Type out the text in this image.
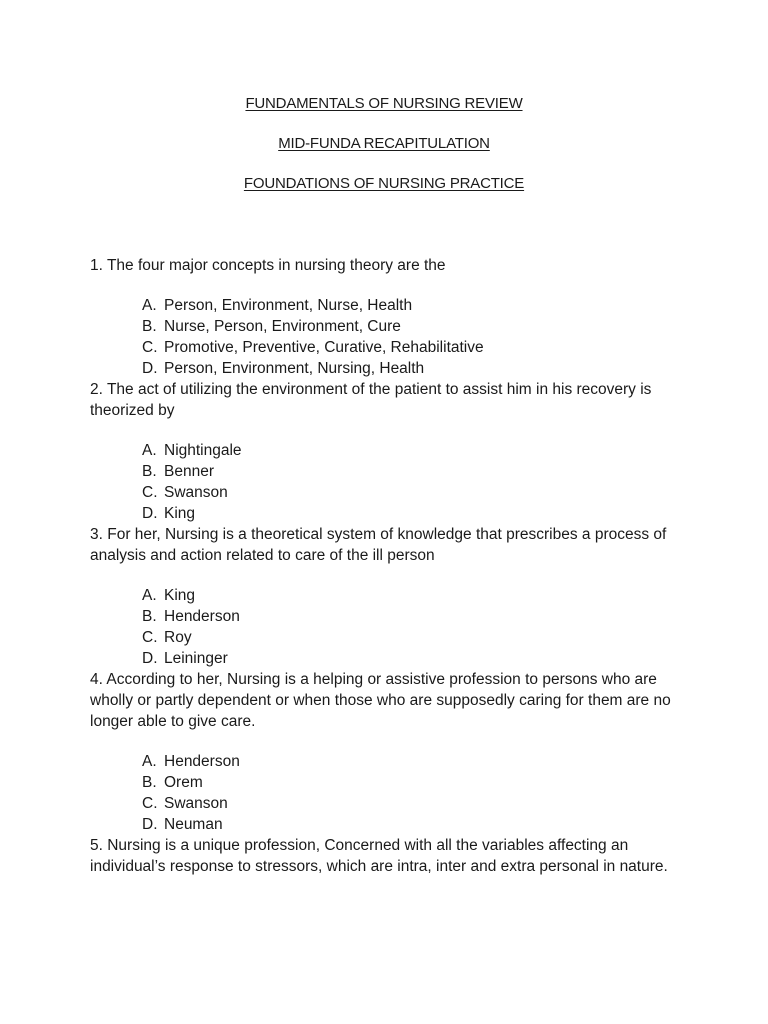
FUNDAMENTALS OF NURSING REVIEW
MID-FUNDA RECAPITULATION
FOUNDATIONS OF NURSING PRACTICE

1. The four major concepts in nursing theory are the

A. Person, Environment, Nurse, Health
B. Nurse, Person, Environment, Cure
C. Promotive, Preventive, Curative, Rehabilitative
D. Person, Environment, Nursing, Health

2. The act of utilizing the environment of the patient to assist him in his recovery is theorized by

A. Nightingale
B. Benner
C. Swanson
D. King

3. For her, Nursing is a theoretical system of knowledge that prescribes a process of analysis and action related to care of the ill person

A. King
B. Henderson
C. Roy
D. Leininger

4. According to her, Nursing is a helping or assistive profession to persons who are wholly or partly dependent or when those who are supposedly caring for them are no longer able to give care.

A. Henderson
B. Orem
C. Swanson
D. Neuman

5. Nursing is a unique profession, Concerned with all the variables affecting an individual’s response to stressors, which are intra, inter and extra personal in nature.
